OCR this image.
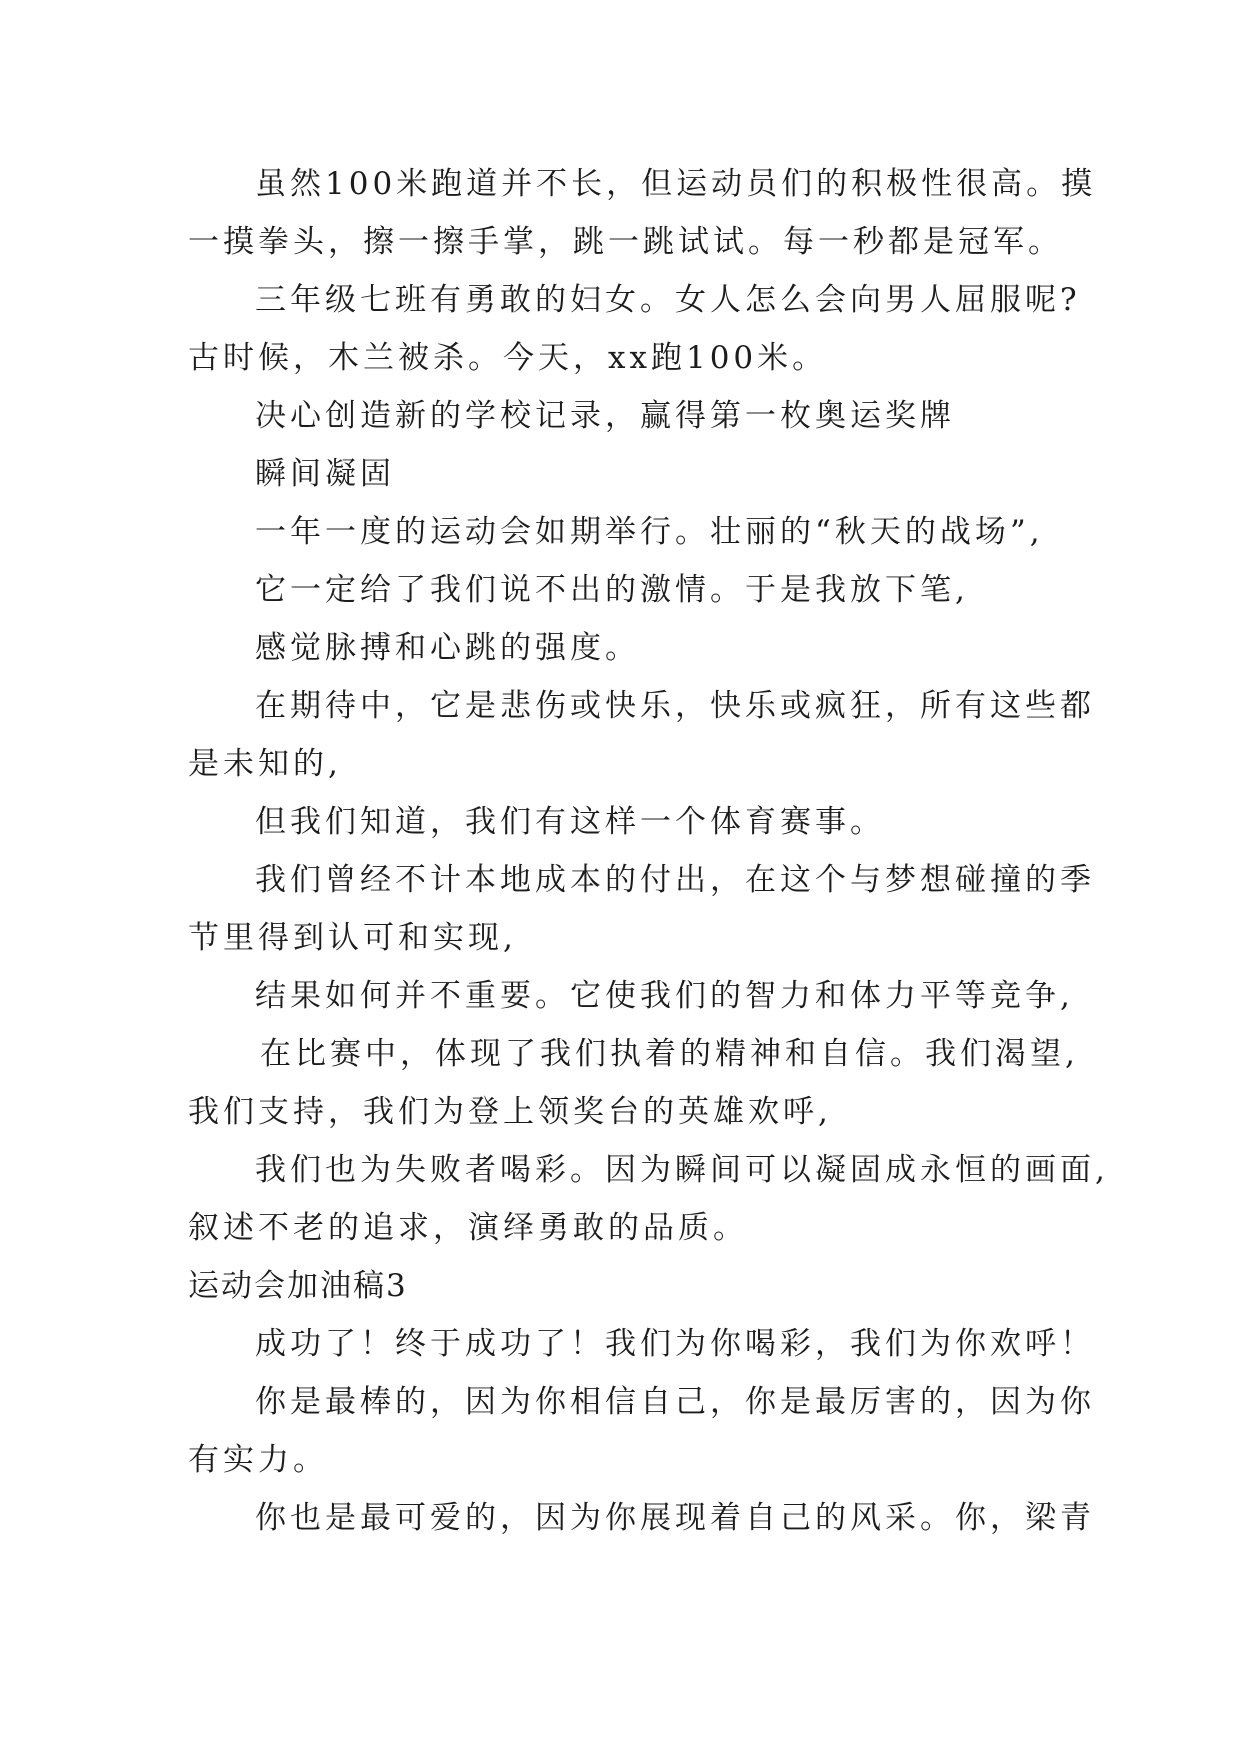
虽然100米跑道并不长，但运动员们的积极性很高。摸
一摸拳头，擦一擦手掌，跳一跳试试。每一秒都是冠军。
三年级七班有勇敢的妇女。女人怎么会向男人屈服呢?
古时候，木兰被杀。今天，xx跑100米。
决心创造新的学校记录，赢得第一枚奥运奖牌
瞬间凝固
一年一度的运动会如期举行。壮丽的“秋天的战场”,
它一定给了我们说不出的激情。于是我放下笔,
感觉脉搏和心跳的强度。
在期待中，它是悲伤或快乐，快乐或疯狂，所有这些都
是未知的,
但我们知道，我们有这样一个体育赛事。
我们曾经不计本地成本的付出，在这个与梦想碰撞的季
节里得到认可和实现,
结果如何并不重要。它使我们的智力和体力平等竞争,
在比赛中，体现了我们执着的精神和自信。我们渴望,
我们支持，我们为登上领奖台的英雄欢呼,
我们也为失败者喝彩。因为瞬间可以凝固成永恒的画面,
叙述不老的追求，演绎勇敢的品质。
运动会加油稿3
成功了！终于成功了！我们为你喝彩，我们为你欢呼！
你是最棒的，因为你相信自己，你是最厉害的，因为你
有实力。
你也是最可爱的，因为你展现着自己的风采。你，梁青
